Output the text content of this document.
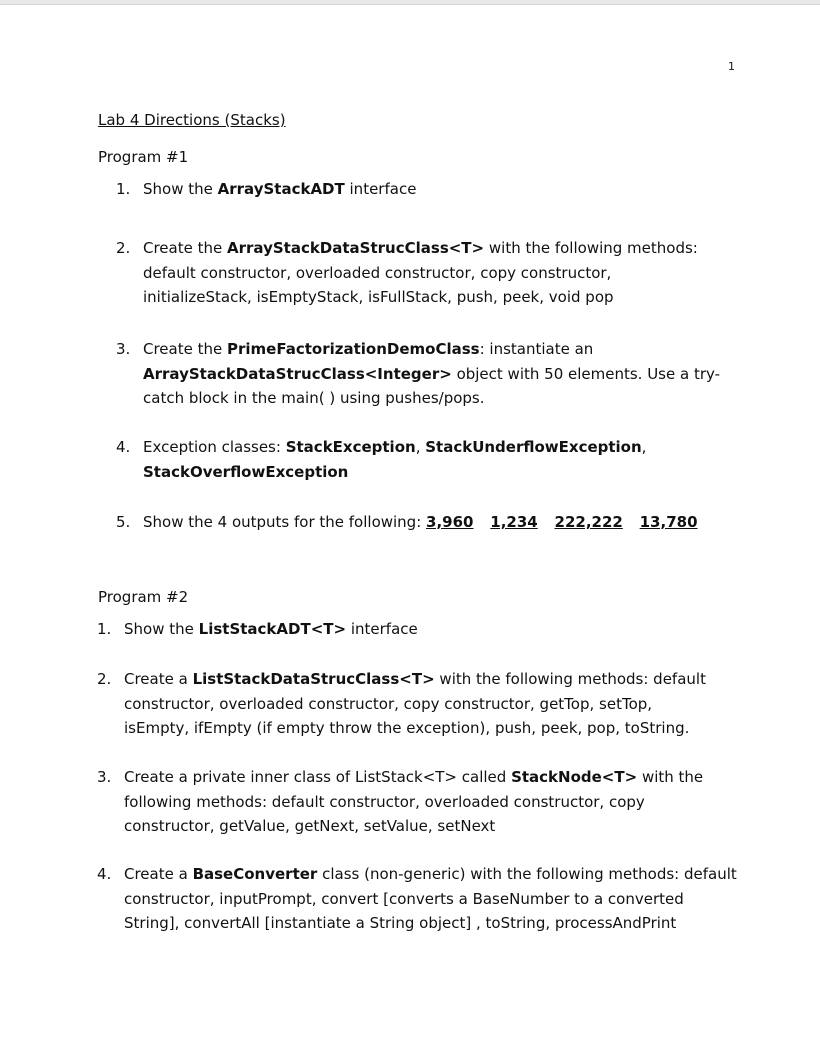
1
Lab 4 Directions (Stacks)
Program #1
1. Show the ArrayStackADT interface
2. Create the ArrayStackDataStrucClass<T> with the following methods:
default constructor, overloaded constructor, copy constructor,
initializeStack, isEmptyStack, isFullStack, push, peek, void pop
3. Create the PrimeFactorizationDemoClass: instantiate an
ArrayStackDataStrucClass<Integer> object with 50 elements. Use a try-
catch block in the main( ) using pushes/pops.
4. Exception classes: StackException, StackUnderflowException,
StackOverflowException
5. Show the 4 outputs for the following: 3,960 1,234 222,222 13,780
Program #2
1. Show the ListStackADT<T> interface
2. Create a ListStackDataStrucClass<T> with the following methods: default
constructor, overloaded constructor, copy constructor, getTop, setTop,
isEmpty, ifEmpty (if empty throw the exception), push, peek, pop, toString.
3. Create a private inner class of ListStack<T> called StackNode<T> with the
following methods: default constructor, overloaded constructor, copy
constructor, getValue, getNext, setValue, setNext
4. Create a BaseConverter class (non-generic) with the following methods: default
constructor, inputPrompt, convert [converts a BaseNumber to a converted
String], convertAll [instantiate a String object] , toString, processAndPrint
